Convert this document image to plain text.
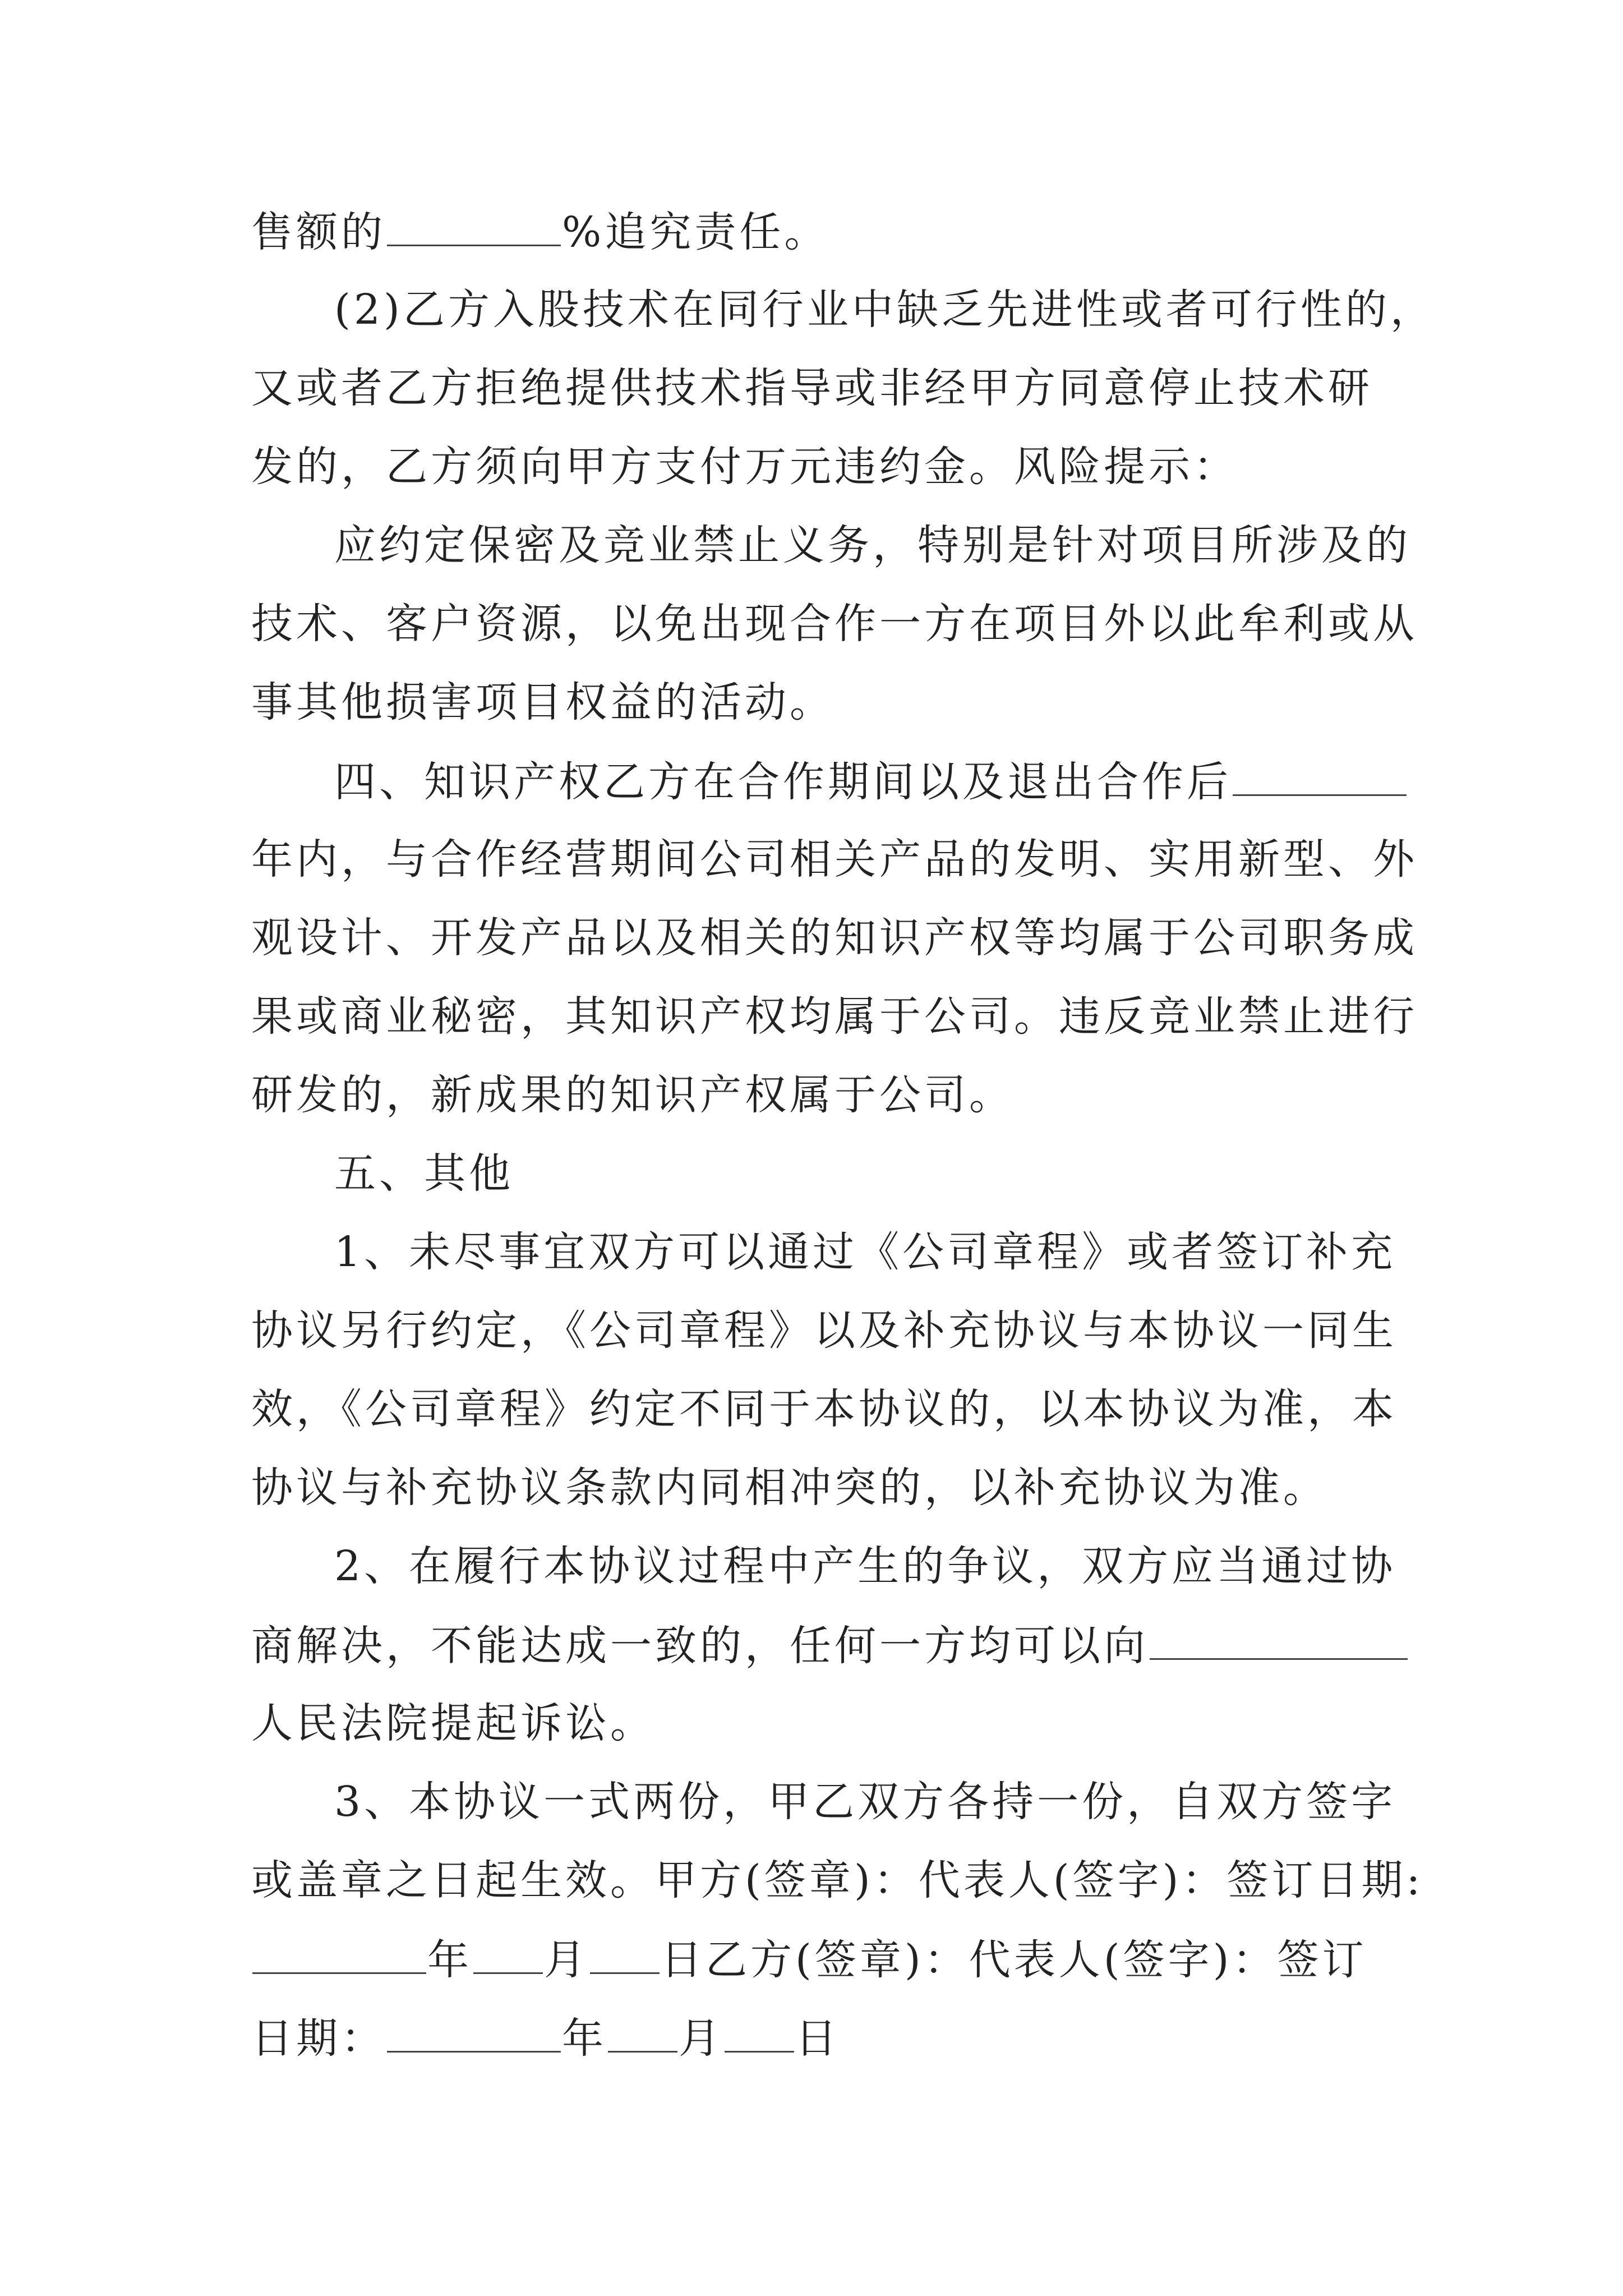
售额的	%追究责任。
(2)乙方入股技术在同行业中缺乏先进性或者可行性的，
又或者乙方拒绝提供技术指导或非经甲方同意停止技术研
发的，乙方须向甲方支付万元违约金。风险提示：
应约定保密及竞业禁止义务，特别是针对项目所涉及的
技术、客户资源，以免出现合作一方在项目外以此牟利或从
事其他损害项目权益的活动。
四、知识产权乙方在合作期间以及退出合作后
年内，与合作经营期间公司相关产品的发明、实用新型、外
观设计、开发产品以及相关的知识产权等均属于公司职务成
果或商业秘密，其知识产权均属于公司。违反竞业禁止进行
研发的，新成果的知识产权属于公司。
五、其他
1、未尽事宜双方可以通过《公司章程》或者签订补充
协议另行约定，《公司章程》以及补充协议与本协议一同生
效，《公司章程》约定不同于本协议的，以本协议为准，本
协议与补充协议条款内同相冲突的，以补充协议为准。
2、在履行本协议过程中产生的争议，双方应当通过协
商解决，不能达成一致的，任何一方均可以向
人民法院提起诉讼。
3、本协议一式两份，甲乙双方各持一份，自双方签字
或盖章之日起生效。甲方(签章)：代表人(签字)：签订日期:
年 月 日乙方(签章)：代表人(签字)：签订
日期：	年 月 日
